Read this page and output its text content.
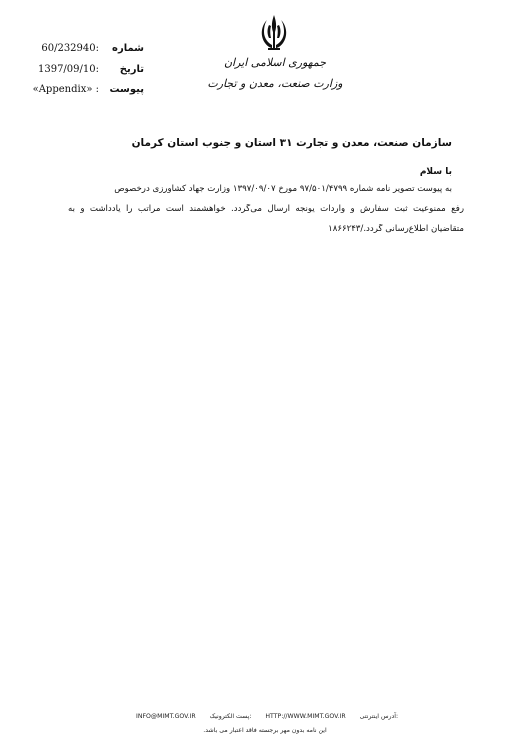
جمهوری اسلامی ایران
وزارت صنعت، معدن و تجارت
60/232940: شماره
1397/09/10: تاریخ
«Appendix» : پیوست
سازمان صنعت، معدن و تجارت ۳۱ استان و جنوب استان کرمان
با سلام
به پیوست تصویر نامه شماره ۹۷/۵۰۱/۴۷۹۹ مورخ ۱۳۹۷/۰۹/۰۷ وزارت جهاد کشاورزی درخصوص
رفع ممنوعیت ثبت سفارش و واردات یونجه ارسال می‌گردد. خواهشمند است مراتب را یادداشت و به
متقاضیان اطلاع‌رسانی گردد./۱۸۶۶۲۴۳
INFO@MIMT.GOV.IR پست الکترونیک: HTTP://WWW.MIMT.GOV.IR آدرس اینترنتی:
این نامه بدون مهر برجسته فاقد اعتبار می باشد.
